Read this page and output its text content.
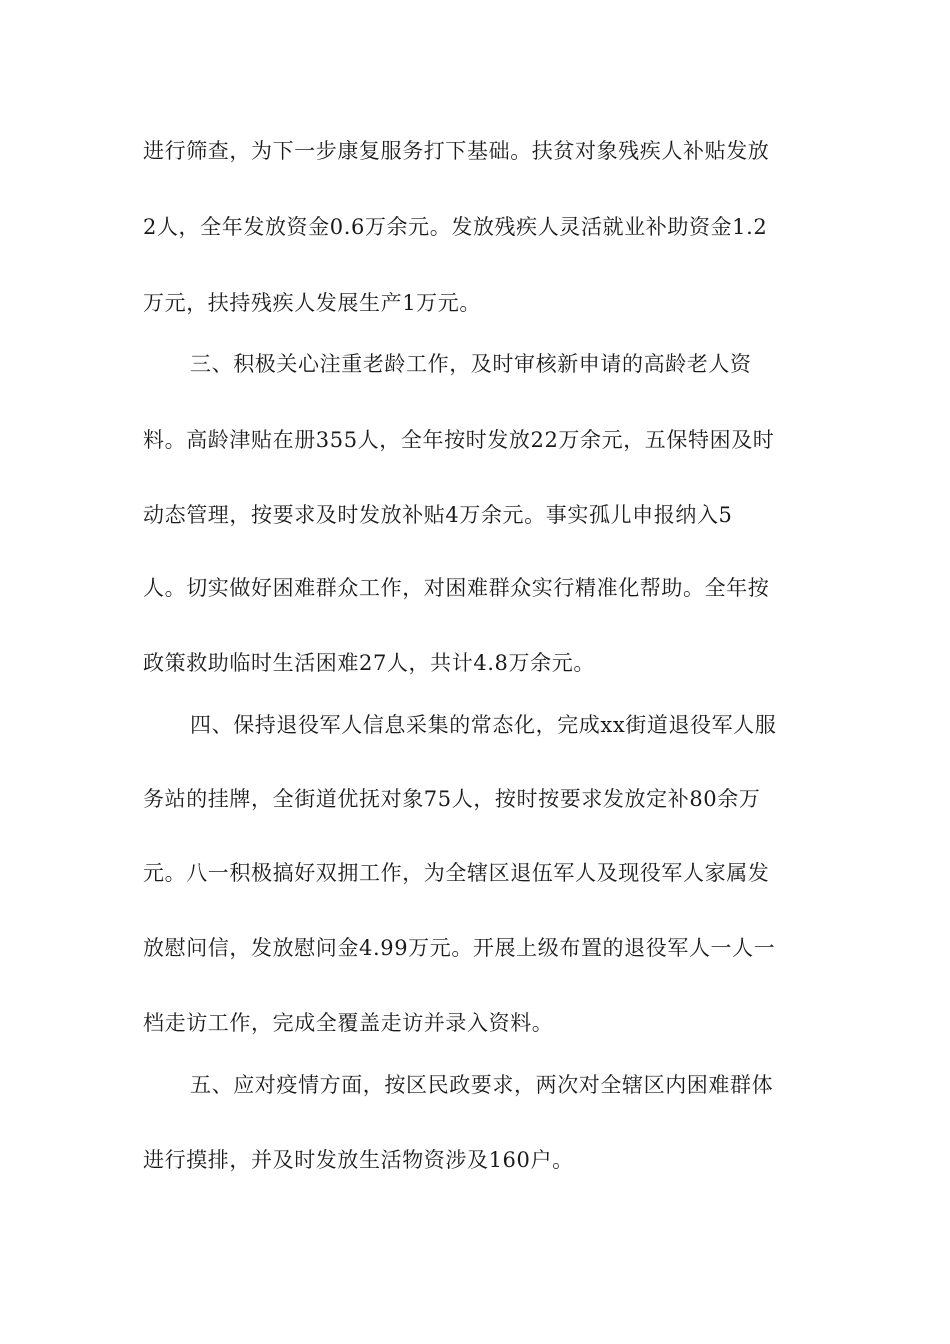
进行筛查，为下一步康复服务打下基础。扶贫对象残疾人补贴发放
2人，全年发放资金0.6万余元。发放残疾人灵活就业补助资金1.2
万元，扶持残疾人发展生产1万元。
三、积极关心注重老龄工作，及时审核新申请的高龄老人资
料。高龄津贴在册355人，全年按时发放22万余元，五保特困及时
动态管理，按要求及时发放补贴4万余元。事实孤儿申报纳入5
人。切实做好困难群众工作，对困难群众实行精准化帮助。全年按
政策救助临时生活困难27人，共计4.8万余元。
四、保持退役军人信息采集的常态化，完成xx街道退役军人服
务站的挂牌，全街道优抚对象75人，按时按要求发放定补80余万
元。八一积极搞好双拥工作，为全辖区退伍军人及现役军人家属发
放慰问信，发放慰问金4.99万元。开展上级布置的退役军人一人一
档走访工作，完成全覆盖走访并录入资料。
五、应对疫情方面，按区民政要求，两次对全辖区内困难群体
进行摸排，并及时发放生活物资涉及160户。
